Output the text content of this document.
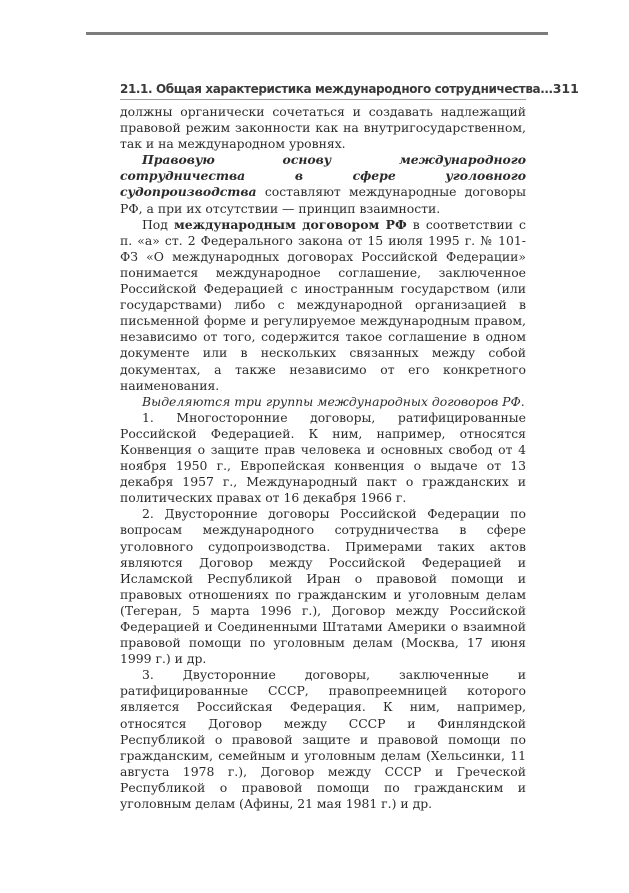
21.1. Общая характеристика международного сотрудничества... 311

должны органически сочетаться и создавать надлежащий правовой режим законности как на внутригосударственном, так и на международном уровнях.

Правовую основу международного сотрудничества в сфере уголовного судопроизводства составляют международные договоры РФ, а при их отсутствии — принцип взаимности.

Под международным договором РФ в соответствии с п. «а» ст. 2 Федерального закона от 15 июля 1995 г. № 101-ФЗ «О международных договорах Российской Федерации» понимается международное соглашение, заключенное Российской Федерацией с иностранным государством (или государствами) либо с международной организацией в письменной форме и регулируемое международным правом, независимо от того, содержится такое соглашение в одном документе или в нескольких связанных между собой документах, а также независимо от его конкретного наименования.

Выделяются три группы международных договоров РФ.

1. Многосторонние договоры, ратифицированные Российской Федерацией. К ним, например, относятся Конвенция о защите прав человека и основных свобод от 4 ноября 1950 г., Европейская конвенция о выдаче от 13 декабря 1957 г., Международный пакт о гражданских и политических правах от 16 декабря 1966 г.

2. Двусторонние договоры Российской Федерации по вопросам международного сотрудничества в сфере уголовного судопроизводства. Примерами таких актов являются Договор между Российской Федерацией и Исламской Республикой Иран о правовой помощи и правовых отношениях по гражданским и уголовным делам (Тегеран, 5 марта 1996 г.), Договор между Российской Федерацией и Соединенными Штатами Америки о взаимной правовой помощи по уголовным делам (Москва, 17 июня 1999 г.) и др.

3. Двусторонние договоры, заключенные и ратифицированные СССР, правопреемницей которого является Российская Федерация. К ним, например, относятся Договор между СССР и Финляндской Республикой о правовой защите и правовой помощи по гражданским, семейным и уголовным делам (Хельсинки, 11 августа 1978 г.), Договор между СССР и Греческой Республикой о правовой помощи по гражданским и уголовным делам (Афины, 21 мая 1981 г.) и др.
